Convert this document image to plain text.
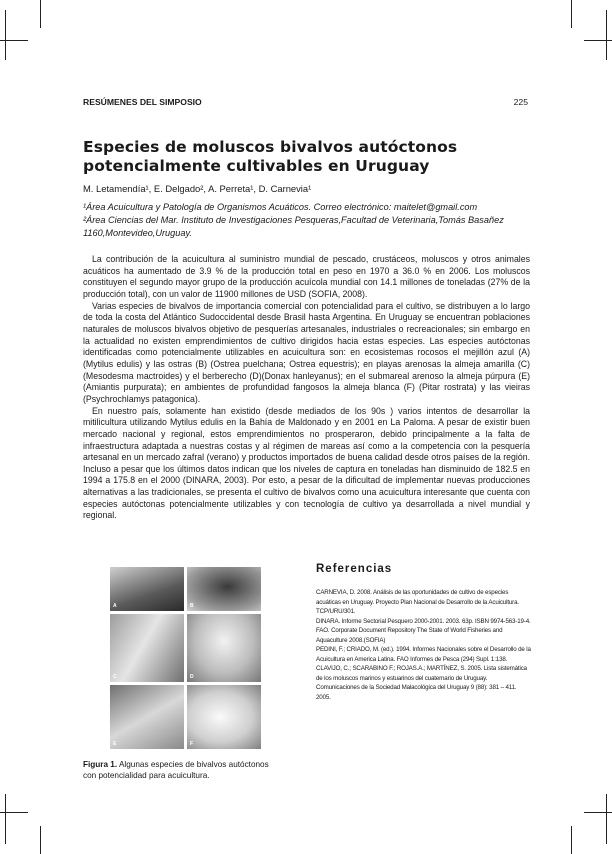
RESÚMENES DEL SIMPOSIO	225
Especies de moluscos bivalvos autóctonos potencialmente cultivables en Uruguay
M. Letamendía¹, E. Delgado², A. Perreta¹, D. Carnevia¹
¹Área Acuicultura y Patología de Organismos Acuáticos. Correo electrónico: maitelet@gmail.com
²Área Ciencias del Mar. Instituto de Investigaciones Pesqueras,Facultad de Veterinaria,Tomás Basañez 1160,Montevideo,Uruguay.

La contribución de la acuicultura al suministro mundial de pescado, crustáceos, moluscos y otros animales acuáticos ha aumentado de 3.9 % de la producción total en peso en 1970 a 36.0 % en 2006. Los moluscos constituyen el segundo mayor grupo de la producción acuícola mundial con 14.1 millones de toneladas (27% de la producción total), con un valor de 11900 millones de USD (SOFIA, 2008).

Varias especies de bivalvos de importancia comercial con potencialidad para el cultivo, se distribuyen a lo largo de toda la costa del Atlántico Sudoccidental desde Brasil hasta Argentina. En Uruguay se encuentran poblaciones naturales de moluscos bivalvos objetivo de pesquerías artesanales, industriales o recreacionales; sin embargo en la actualidad no existen emprendimientos de cultivo dirigidos hacia estas especies. Las especies autóctonas identificadas como potencialmente utilizables en acuicultura son: en ecosistemas rocosos el mejillón azul (A)(Mytilus edulis) y las ostras (B) (Ostrea puelchana; Ostrea equestris); en playas arenosas la almeja amarilla (C) (Mesodesma mactroides) y el berberecho (D)(Donax hanleyanus); en el submareal arenoso la almeja púrpura (E) (Amiantis purpurata); en ambientes de profundidad fangosos la almeja blanca (F) (Pitar rostrata) y las vieiras (Psychrochlamys patagonica).

En nuestro país, solamente han existido (desde mediados de los 90s ) varios intentos de desarrollar la mitilicultura utilizando Mytilus edulis en la Bahía de Maldonado y en 2001 en La Paloma. A pesar de existir buen mercado nacional y regional, estos emprendimientos no prosperaron, debido principalmente a la falta de infraestructura adaptada a nuestras costas y al régimen de mareas así como a la competencia con la pesquería artesanal en un mercado zafral (verano) y productos importados de buena calidad desde otros países de la región. Incluso a pesar que los últimos datos indican que los niveles de captura en toneladas han disminuido de 182.5 en 1994 a 175.8 en el 2000 (DINARA, 2003). Por esto, a pesar de la dificultad de implementar nuevas producciones alternativas a las tradicionales, se presenta el cultivo de bivalvos como una acuicultura interesante que cuenta con especies autóctonas potencialmente utilizables y con tecnología de cultivo ya desarrollada a nivel mundial y regional.

A	B
C	D
E	F
Figura 1. Algunas especies de bivalvos autóctonos con potencialidad para acuicultura.
Referencias
CARNEVIA, D. 2008. Análisis de las oportunidades de cultivo de especies acuáticas en Uruguay. Proyecto Plan Nacional de Desarrollo de la Acuicultura. TCP/URU/301.
DINARA. Informe Sectorial Pesquero 2000-2001. 2003. 63p. ISBN 9974-563-19-4.
FAO. Corporate Document Repository The State of World Fisheries and Aquaculture 2008.(SOFIA)
PEDINI, F.; CRIADO, M. (ed.). 1994. Informes Nacionales sobre el Desarrollo de la Acuicultura en America Latina. FAO Informes de Pesca (294) Supl. 1:138.
CLAVIJO, C.; SCARABINO F.; ROJAS.A.; MARTÍNEZ, S. 2005. Lista sistemática de los moluscos marinos y estuarinos del cuaternario de Uruguay. Comunicaciones de la Sociedad Malacológica del Uruguay 9 (88): 381 – 411. 2005.
